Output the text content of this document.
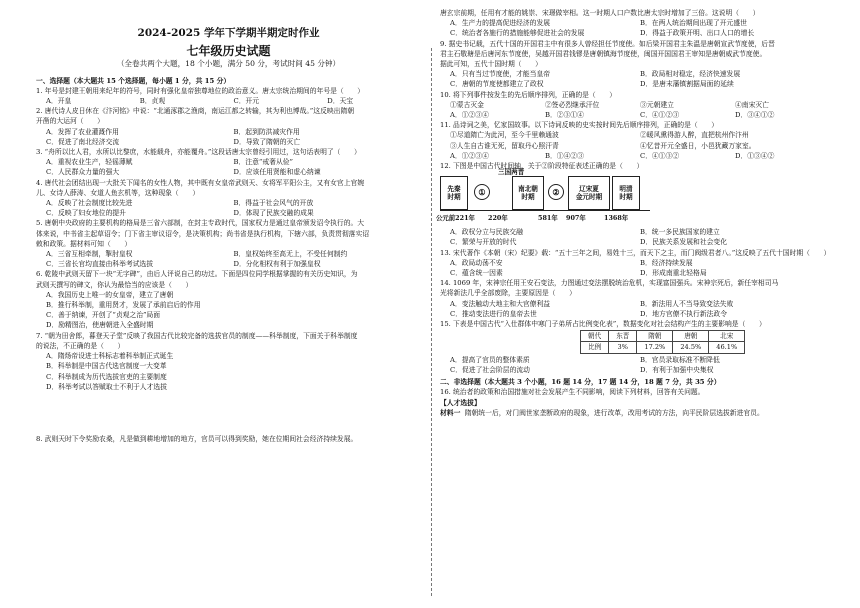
2024-2025 学年下学期半期定时作业
七年级历史试题
（全卷共两个大题，18 个小题，满分 50 分，考试时间 45 分钟）
一、选择题（本大题共 15 个选择题，每小题 1 分，共 15 分）
1. 年号是封建王朝用来纪年的符号，同时有强化皇帝独尊地位的政治意义。唐太宗统治期间的年号是（　　）
A．开皇	B．贞观	C．开元	D．天宝
2. 唐代诗人皮日休在《汴河铭》中说：“北通涿郡之渔商，南运江都之转输，其为利也博哉。”这反映出隋朝
开凿的大运河（　　）
A．发挥了农业灌溉作用	B．起到防洪减灾作用
C．促进了南北经济交流	D．导致了隋朝的灭亡
3. “舟所以比人君，水所以比黎庶，水能载舟，亦能覆舟。”这段话唐太宗曾经引用过，这句话表明了（　　）
A．重视农业生产，轻徭薄赋	B．注意“戒奢从俭”
C．人民群众力量的强大	D．应该任用贤能和虚心纳谏
4. 唐代社会团结出现一大批关下闻名的女性人物，其中既有女皇帝武则天、女将军平阳公主，又有女官上官婉
儿、女诗人薛涛、女道人鱼玄机等，这种现象（　　）
A．反映了社会制度比较先进	B．得益于社会风气的开放
C．反映了妇女地位的提升	D．体现了民族交融的成果
5. 唐朝中央政府的主要机构的格局是三省六部制，在封主专政时代，国家权力是通过皇帝颁发诏令执行的。大
体来说，中书省主起草诏令；门下省主审议诏令，是决策机构；尚书省是执行机构，下辖六部，负责贯彻落实诏
敕和政策。据材料可知（　　）
A．三省互相牵制，掣肘皇权	B．皇权始终至高无上，不受任何制约
C．三省长官均直接由科举考试选拔	D．分化相权有利于加强皇权
6. 乾陵中武则天留下一块“无字碑”，由后人评说自己的功过。下面是四位同学根据掌握的有关历史知识，为
武则天撰写的碑文，你认为最恰当的应该是（　　）
A．我国历史上唯一的女皇帝，建立了唐朝
B．推行科举制，重用贤才，发展了承前启后的作用
C．善于纳谏，开创了“贞观之治”局面
D．励精图治，使唐朝进入全盛时期
7. “朝为田舍郎，暮登天子堂”反映了我国古代比较完备的选拔官员的制度——科举制度，下面关于科举制度
的说法，不正确的是（　　）
A．隋炀帝设进士科标志着科举制正式诞生
B．科举制是中国古代选官制度一大变革
C．科举制成为历代选拔官吏的主要制度
D．科举考试以答赋取士不利于人才选拔
8. 武则天时下令奖励农桑，凡是做到耕地增加的地方，官员可以得到奖励，她在位期间社会经济持续发展。
唐玄宗前期，任用有才能的姚崇、宋璟做宰相。这一时期人口户数比唐太宗时增加了三倍。这说明（　　）
A．生产力的提高促进经济的发展	B．在两人统治期间出现了开元盛世
C．统治者各施行的措施能够促进社会的发展	D．得益于政策开明、出口人口的增长
9. 据史书记载，五代十国的开国君主中有很多人曾经担任节度使。如后梁开国君主朱温是唐朝宣武节度使，后晋
君主石敬瑭是后唐河东节度使，吴越开国君钱镠是唐朝镇海节度使，闽国开国国君王审知是唐朝威武节度使。
据此可知，五代十国时期（　　）
A．只有当过节度使，才能当皇帝	B．政局相对稳定，经济快速发展
C．唐朝的节度使都建立了政权	D．是唐末藩镇割据局面的延续
10. 将下列事件按发生的先后顺序排列，正确的是（　　）
①蒙古灭金	②签必烈继承汗位	③元朝建立	④南宋灭亡
A．①②③④	B．②③①④	C．④①②③	D．③④①②
11. 品诗词之美，忆家国故事。以下诗词反映的史实按时间先后顺序排列，正确的是（　　）
①尽道隋亡为此河，至今千里赖通波	②暖风熏得游人醉，直把杭州作汴州
③人生自古谁无死，留取丹心照汗青	④忆昔开元全盛日，小邑犹藏万家室。
A．①②③④	B．①④②③	C．④①③②	D．①③④②
12. 下图是中国古代时间轴，关于②阶段特征表述正确的是（　　）
先秦
时期	①
三国两晋
南北朝
时期	②	辽宋夏
金元时期
明清
时期
公元前221年 220年	581年 907年	1368年
A．政权分立与民族交融	B．统一多民族国家的建立
C．繁荣与开放的时代	D．民族关系发展和社会变化
13. 宋代著作《本朝（宋）纪要》载：“五十三年之间，易姓十三，而天下之主，而门阀级君者八。”这反映了五代十国时期（　　）
A．政局动荡不安	B．经济持续发展
C．蕴含统一因素	D．形成南重北轻格局
14. 1069 年，宋神宗任用王安石变法，力图通过变法摆脱统治危机，实现富国强兵。宋神宗死后，新任宰相司马
光将新法几乎全部废除，主要原因是（　　）
A．变法触动大地主和大官僚利益	B．新法用人不当导致变法失败
C．推动变法进行的皇帝去世	D．地方官僚不执行新法政令
15. 下表是中国古代“入仕群体中寒门子弟所占比例变化表”，数据变化对社会结构产生的主要影响是（　　）
朝代	东晋	隋朝	唐朝	北宋
比例	3%	17.2%	24.5%	46.1%
A．提高了官员的整体素质	B．官员录取标准不断降低
C．促进了社会阶层的流动	D．有利于加强中央集权
二、非选择题（本大题共 3 个小题，16 题 14 分，17 题 14 分，18 题 7 分，共 35 分）
16. 统治者的政策和治国措施对社会发展产生不同影响，阅读下列材料，回答有关问题。
【人才选拔】
材料一 隋朝统一后，对门阀世家垄断政府的现象，进行改革，改用考试的方法，向平民阶层选拔新进官员。
